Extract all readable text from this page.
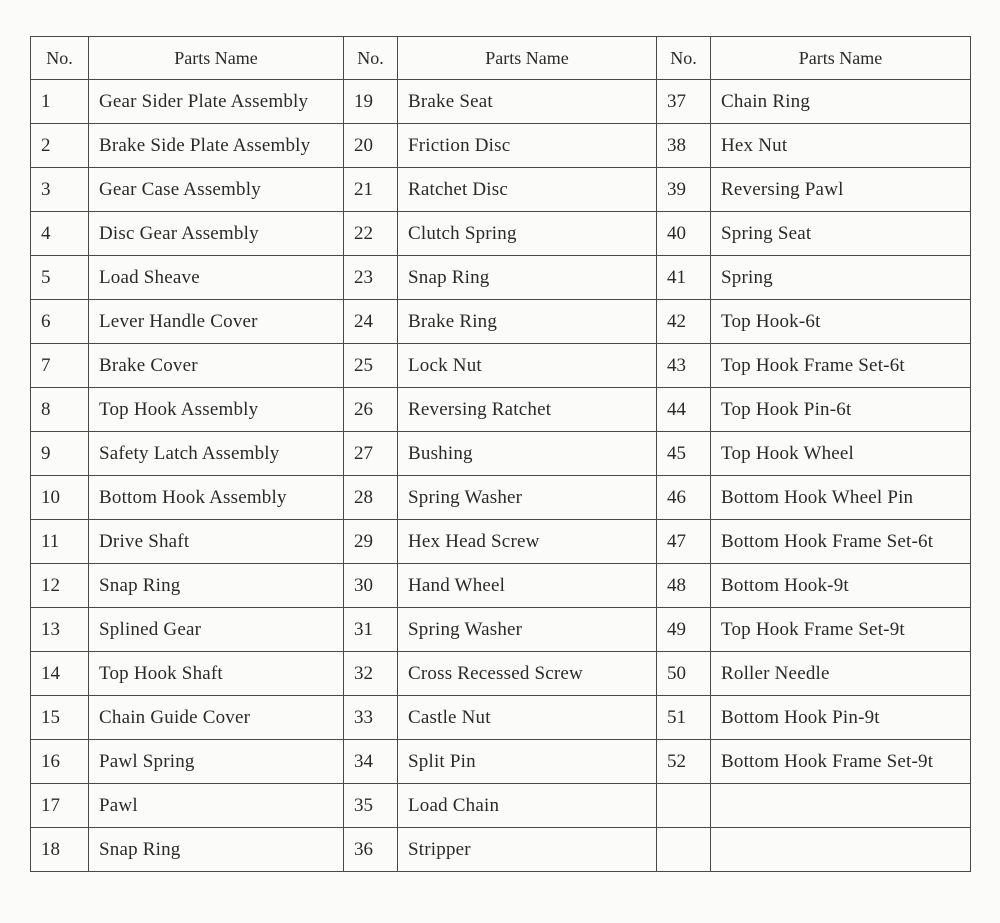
No.	Parts Name	No.	Parts Name	No.	Parts Name
1	Gear Sider Plate Assembly	19	Brake Seat	37	Chain Ring
2	Brake Side Plate Assembly	20	Friction Disc	38	Hex Nut
3	Gear Case Assembly	21	Ratchet Disc	39	Reversing Pawl
4	Disc Gear Assembly	22	Clutch Spring	40	Spring Seat
5	Load Sheave	23	Snap Ring	41	Spring
6	Lever Handle Cover	24	Brake Ring	42	Top Hook-6t
7	Brake Cover	25	Lock Nut	43	Top Hook Frame Set-6t
8	Top Hook Assembly	26	Reversing Ratchet	44	Top Hook Pin-6t
9	Safety Latch Assembly	27	Bushing	45	Top Hook Wheel
10	Bottom Hook Assembly	28	Spring Washer	46	Bottom Hook Wheel Pin
11	Drive Shaft	29	Hex Head Screw	47	Bottom Hook Frame Set-6t
12	Snap Ring	30	Hand Wheel	48	Bottom Hook-9t
13	Splined Gear	31	Spring Washer	49	Top Hook Frame Set-9t
14	Top Hook Shaft	32	Cross Recessed Screw	50	Roller Needle
15	Chain Guide Cover	33	Castle Nut	51	Bottom Hook Pin-9t
16	Pawl Spring	34	Split Pin	52	Bottom Hook Frame Set-9t
17	Pawl	35	Load Chain		
18	Snap Ring	36	Stripper		
